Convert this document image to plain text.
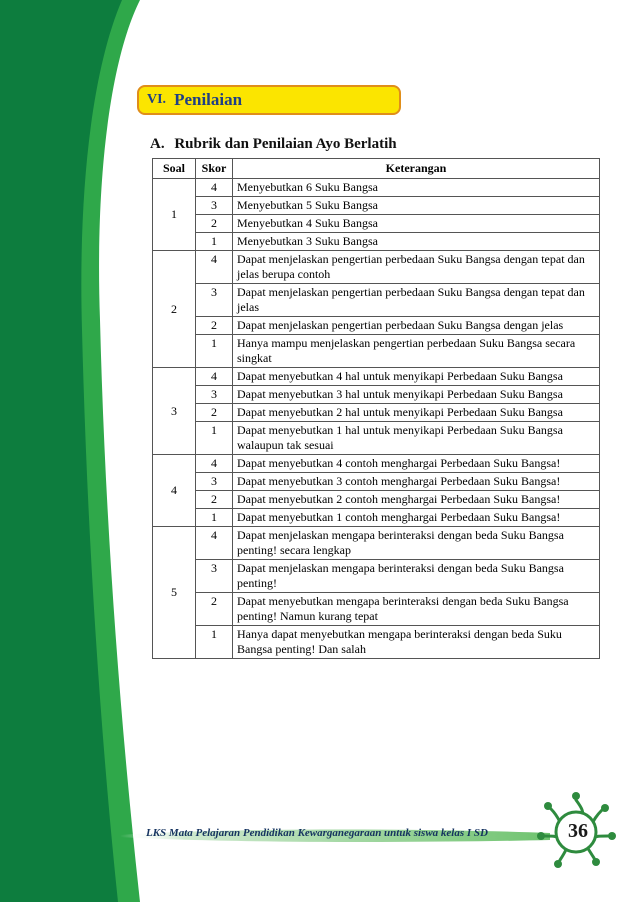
VI. Penilaian
A. Rubrik dan Penilaian Ayo Berlatih
Soal	Skor	Keterangan
1	4	Menyebutkan 6 Suku Bangsa
	3	Menyebutkan 5 Suku Bangsa
	2	Menyebutkan 4 Suku Bangsa
	1	Menyebutkan 3 Suku Bangsa
2	4	Dapat menjelaskan pengertian perbedaan Suku Bangsa dengan tepat dan jelas berupa contoh
	3	Dapat menjelaskan pengertian perbedaan Suku Bangsa dengan tepat dan jelas
	2	Dapat menjelaskan pengertian perbedaan Suku Bangsa dengan jelas
	1	Hanya mampu menjelaskan pengertian perbedaan Suku Bangsa secara singkat
3	4	Dapat menyebutkan 4 hal untuk menyikapi Perbedaan Suku Bangsa
	3	Dapat menyebutkan 3 hal untuk menyikapi Perbedaan Suku Bangsa
	2	Dapat menyebutkan 2 hal untuk menyikapi Perbedaan Suku Bangsa
	1	Dapat menyebutkan 1 hal untuk menyikapi Perbedaan Suku Bangsa walaupun tak sesuai
4	4	Dapat menyebutkan 4 contoh menghargai Perbedaan Suku Bangsa!
	3	Dapat menyebutkan 3 contoh menghargai Perbedaan Suku Bangsa!
	2	Dapat menyebutkan 2 contoh menghargai Perbedaan Suku Bangsa!
	1	Dapat menyebutkan 1 contoh menghargai Perbedaan Suku Bangsa!
5	4	Dapat menjelaskan mengapa berinteraksi dengan beda Suku Bangsa penting! secara lengkap
	3	Dapat menjelaskan mengapa berinteraksi dengan beda Suku Bangsa penting!
	2	Dapat menyebutkan mengapa berinteraksi dengan beda Suku Bangsa penting! Namun kurang tepat
	1	Hanya dapat menyebutkan mengapa berinteraksi dengan beda Suku Bangsa penting! Dan salah
LKS Mata Pelajaran Pendidikan Kewarganegaraan untuk siswa kelas I SD	36
